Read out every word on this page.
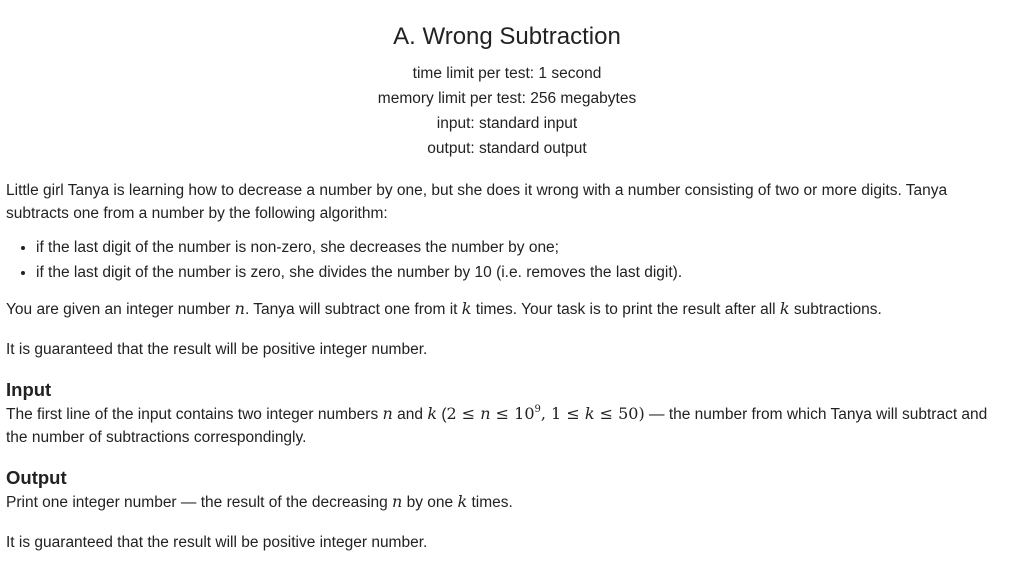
A. Wrong Subtraction
time limit per test: 1 second
memory limit per test: 256 megabytes
input: standard input
output: standard output

Little girl Tanya is learning how to decrease a number by one, but she does it wrong with a number consisting of two or more digits. Tanya subtracts one from a number by the following algorithm:

• if the last digit of the number is non-zero, she decreases the number by one;
• if the last digit of the number is zero, she divides the number by 10 (i.e. removes the last digit).

You are given an integer number n. Tanya will subtract one from it k times. Your task is to print the result after all k subtractions.

It is guaranteed that the result will be positive integer number.

Input

The first line of the input contains two integer numbers n and k ($2 \le n \le 10^9$, 1 ≤ k ≤ 50) — the number from which Tanya will subtract and the number of subtractions correspondingly.

Output

Print one integer number — the result of the decreasing n by one k times.

It is guaranteed that the result will be positive integer number.
